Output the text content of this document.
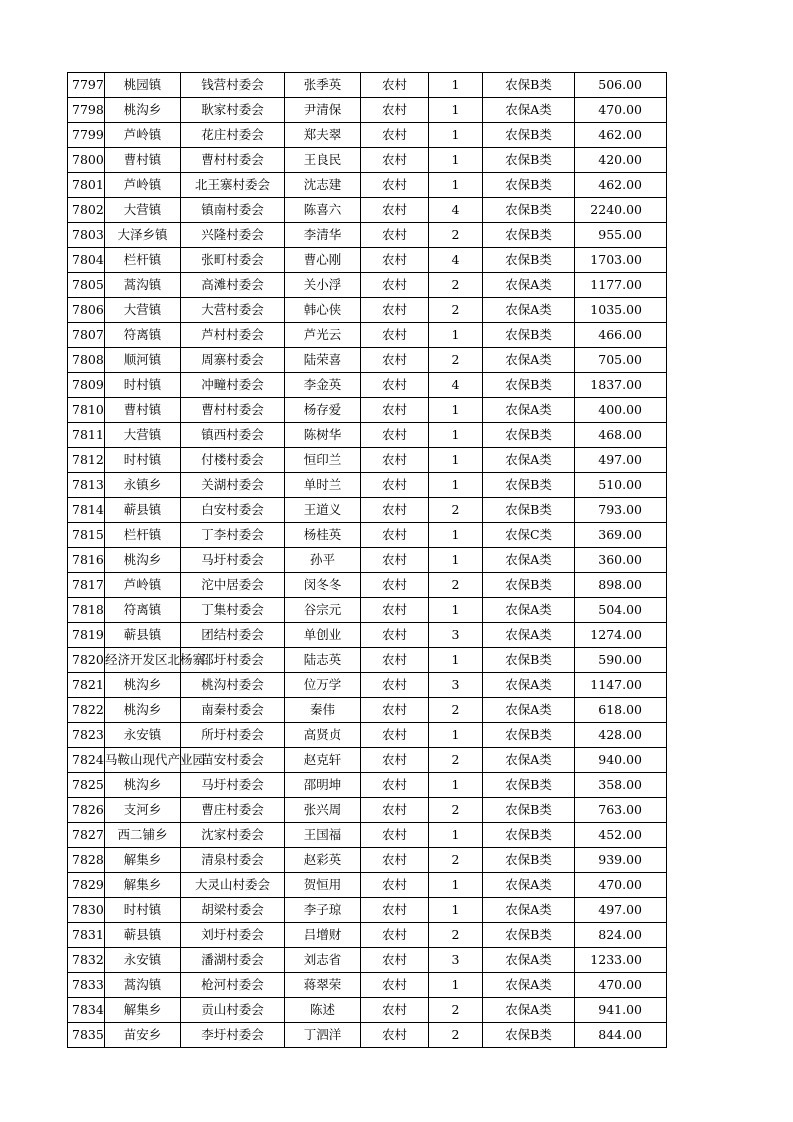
7797	桃园镇	钱营村委会	张季英	农村	1	农保B类	506.00
7798	桃沟乡	耿家村委会	尹清保	农村	1	农保A类	470.00
7799	芦岭镇	花庄村委会	郑夫翠	农村	1	农保B类	462.00
7800	曹村镇	曹村村委会	王良民	农村	1	农保B类	420.00
7801	芦岭镇	北王寨村委会	沈志建	农村	1	农保B类	462.00
7802	大营镇	镇南村委会	陈喜六	农村	4	农保B类	2240.00
7803	大泽乡镇	兴隆村委会	李清华	农村	2	农保B类	955.00
7804	栏杆镇	张町村委会	曹心刚	农村	4	农保B类	1703.00
7805	蒿沟镇	高滩村委会	关小浮	农村	2	农保A类	1177.00
7806	大营镇	大营村委会	韩心侠	农村	2	农保A类	1035.00
7807	符离镇	芦村村委会	芦光云	农村	1	农保B类	466.00
7808	顺河镇	周寨村委会	陆荣喜	农村	2	农保A类	705.00
7809	时村镇	冲疃村委会	李金英	农村	4	农保B类	1837.00
7810	曹村镇	曹村村委会	杨存爱	农村	1	农保A类	400.00
7811	大营镇	镇西村委会	陈树华	农村	1	农保B类	468.00
7812	时村镇	付楼村委会	恒印兰	农村	1	农保A类	497.00
7813	永镇乡	关湖村委会	单时兰	农村	1	农保B类	510.00
7814	蕲县镇	白安村委会	王道义	农村	2	农保B类	793.00
7815	栏杆镇	丁李村委会	杨桂英	农村	1	农保C类	369.00
7816	桃沟乡	马圩村委会	孙平	农村	1	农保A类	360.00
7817	芦岭镇	沱中居委会	闵冬冬	农村	2	农保B类	898.00
7818	符离镇	丁集村委会	谷宗元	农村	1	农保A类	504.00
7819	蕲县镇	团结村委会	单创业	农村	3	农保A类	1274.00
7820	经济开发区北杨寨	邵圩村委会	陆志英	农村	1	农保B类	590.00
7821	桃沟乡	桃沟村委会	位万学	农村	3	农保A类	1147.00
7822	桃沟乡	南秦村委会	秦伟	农村	2	农保A类	618.00
7823	永安镇	所圩村委会	高贤贞	农村	1	农保B类	428.00
7824	马鞍山现代产业园	苗安村委会	赵克轩	农村	2	农保A类	940.00
7825	桃沟乡	马圩村委会	邵明坤	农村	1	农保B类	358.00
7826	支河乡	曹庄村委会	张兴周	农村	2	农保B类	763.00
7827	西二铺乡	沈家村委会	王国福	农村	1	农保B类	452.00
7828	解集乡	清泉村委会	赵彩英	农村	2	农保B类	939.00
7829	解集乡	大灵山村委会	贺恒用	农村	1	农保A类	470.00
7830	时村镇	胡梁村委会	李子琼	农村	1	农保A类	497.00
7831	蕲县镇	刘圩村委会	吕增财	农村	2	农保B类	824.00
7832	永安镇	潘湖村委会	刘志省	农村	3	农保A类	1233.00
7833	蒿沟镇	枪河村委会	蒋翠荣	农村	1	农保A类	470.00
7834	解集乡	贡山村委会	陈述	农村	2	农保A类	941.00
7835	苗安乡	李圩村委会	丁泗洋	农村	2	农保B类	844.00
